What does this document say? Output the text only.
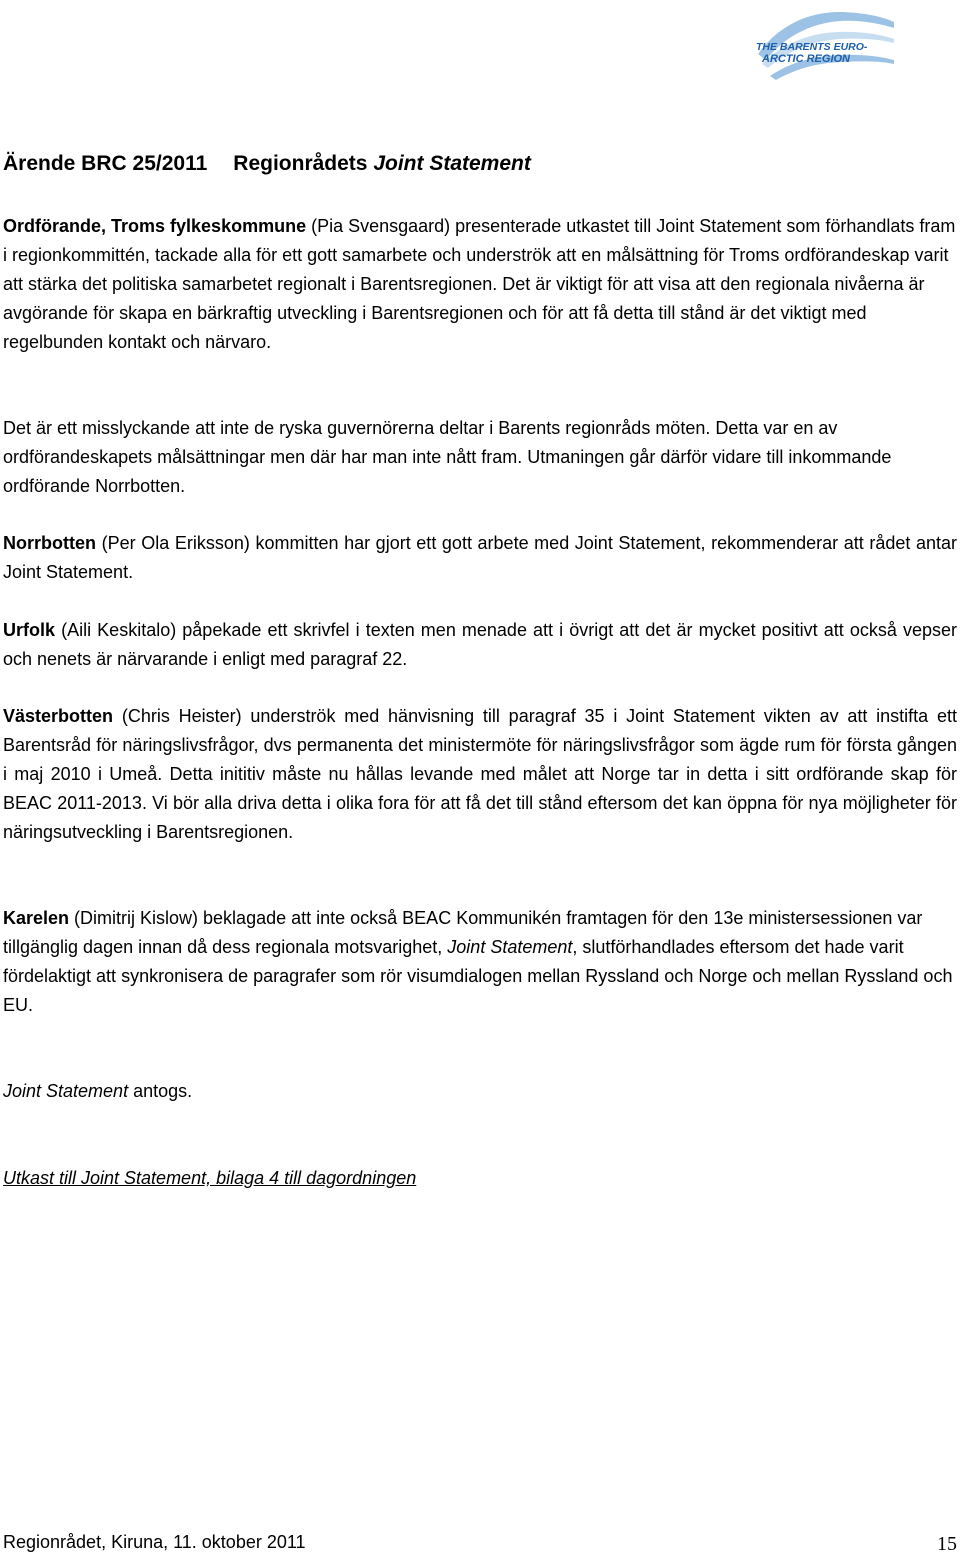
THE BARENTS EURO-
ARCTIC REGION
Ärende BRC 25/2011 Regionrådets Joint Statement

Ordförande, Troms fylkeskommune (Pia Svensgaard) presenterade utkastet till Joint Statement som förhandlats fram i regionkommittén, tackade alla för ett gott samarbete och underströk att en målsättning för Troms ordförandeskap varit att stärka det politiska samarbetet regionalt i Barentsregionen. Det är viktigt för att visa att den regionala nivåerna är avgörande för skapa en bärkraftig utveckling i Barentsregionen och för att få detta till stånd är det viktigt med regelbunden kontakt och närvaro.

Det är ett misslyckande att inte de ryska guvernörerna deltar i Barents regionråds möten. Detta var en av ordförandeskapets målsättningar men där har man inte nått fram. Utmaningen går därför vidare till inkommande ordförande Norrbotten.

Norrbotten (Per Ola Eriksson) kommitten har gjort ett gott arbete med Joint Statement, rekommenderar att rådet antar Joint Statement.

Urfolk (Aili Keskitalo) påpekade ett skrivfel i texten men menade att i övrigt att det är mycket positivt att också vepser och nenets är närvarande i enligt med paragraf 22.

Västerbotten (Chris Heister) underströk med hänvisning till paragraf 35 i Joint Statement vikten av att instifta ett Barentsråd för näringslivsfrågor, dvs permanenta det ministermöte för näringslivsfrågor som ägde rum för första gången i maj 2010 i Umeå. Detta inititiv måste nu hållas levande med målet att Norge tar in detta i sitt ordförande skap för BEAC 2011-2013. Vi bör alla driva detta i olika fora för att få det till stånd eftersom det kan öppna för nya möjligheter för näringsutveckling i Barentsregionen.

Karelen (Dimitrij Kislow) beklagade att inte också BEAC Kommunikén framtagen för den 13e ministersessionen var tillgänglig dagen innan då dess regionala motsvarighet, Joint Statement, slutförhandlades eftersom det hade varit fördelaktigt att synkronisera de paragrafer som rör visumdialogen mellan Ryssland och Norge och mellan Ryssland och EU.

Joint Statement antogs.

Utkast till Joint Statement, bilaga 4 till dagordningen

Regionrådet, Kiruna, 11. oktober 2011	15
